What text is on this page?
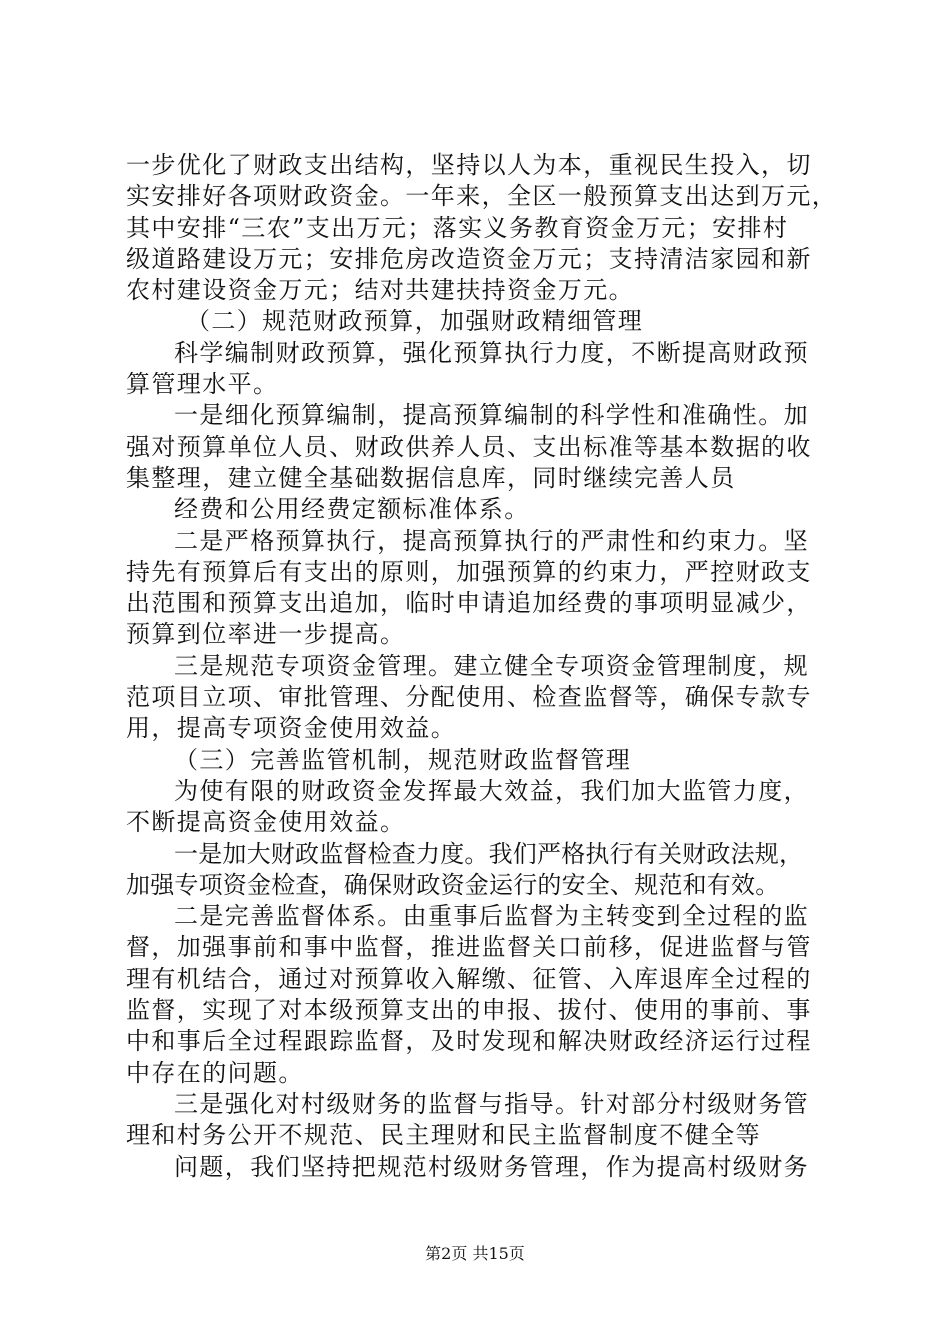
一步优化了财政支出结构，坚持以人为本，重视民生投入，切
实安排好各项财政资金。一年来，全区一般预算支出达到万元，
其中安排“三农”支出万元；落实义务教育资金万元；安排村
级道路建设万元；安排危房改造资金万元；支持清洁家园和新
农村建设资金万元；结对共建扶持资金万元。
（二）规范财政预算，加强财政精细管理
科学编制财政预算，强化预算执行力度，不断提高财政预
算管理水平。
一是细化预算编制，提高预算编制的科学性和准确性。加
强对预算单位人员、财政供养人员、支出标准等基本数据的收
集整理，建立健全基础数据信息库，同时继续完善人员
经费和公用经费定额标准体系。
二是严格预算执行，提高预算执行的严肃性和约束力。坚
持先有预算后有支出的原则，加强预算的约束力，严控财政支
出范围和预算支出追加，临时申请追加经费的事项明显减少，
预算到位率进一步提高。
三是规范专项资金管理。建立健全专项资金管理制度，规
范项目立项、审批管理、分配使用、检查监督等，确保专款专
用，提高专项资金使用效益。
（三）完善监管机制，规范财政监督管理
为使有限的财政资金发挥最大效益，我们加大监管力度，
不断提高资金使用效益。
一是加大财政监督检查力度。我们严格执行有关财政法规，
加强专项资金检查，确保财政资金运行的安全、规范和有效。
二是完善监督体系。由重事后监督为主转变到全过程的监
督，加强事前和事中监督，推进监督关口前移，促进监督与管
理有机结合，通过对预算收入解缴、征管、入库退库全过程的
监督，实现了对本级预算支出的申报、拔付、使用的事前、事
中和事后全过程跟踪监督，及时发现和解决财政经济运行过程
中存在的问题。
三是强化对村级财务的监督与指导。针对部分村级财务管
理和村务公开不规范、民主理财和民主监督制度不健全等
问题，我们坚持把规范村级财务管理，作为提高村级财务
第2页 共15页
